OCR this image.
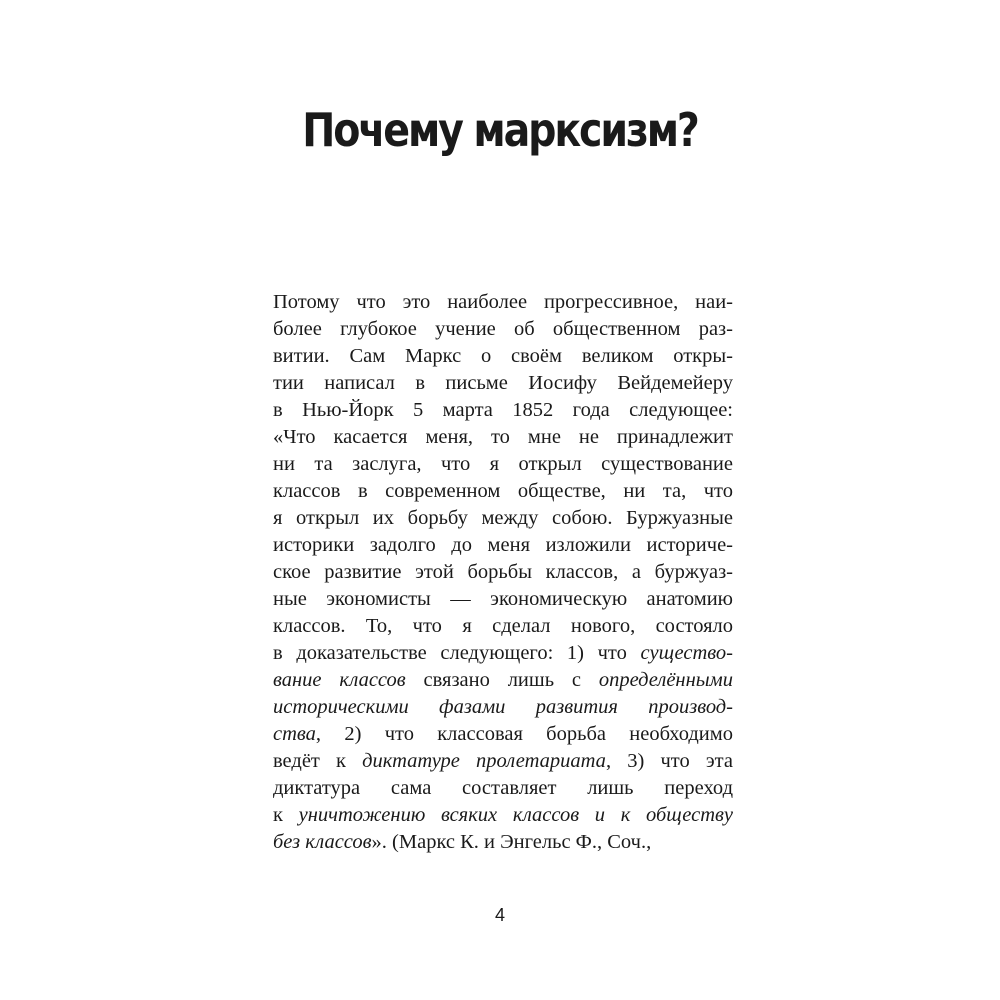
Почему марксизм?
Потому что это наиболее прогрессивное, наи-
более глубокое учение об общественном раз-
витии. Сам Маркс о своём великом откры-
тии написал в письме Иосифу Вейдемейеру
в Нью-Йорк 5 марта 1852 года следующее:
«Что касается меня, то мне не принадлежит
ни та заслуга, что я открыл существование
классов в современном обществе, ни та, что
я открыл их борьбу между собою. Буржуазные
историки задолго до меня изложили историче-
ское развитие этой борьбы классов, а буржуаз-
ные экономисты — экономическую анатомию
классов. То, что я сделал нового, состояло
в доказательстве следующего: 1) что существо-
вание классов связано лишь с определёнными
историческими фазами развития производ-
ства, 2) что классовая борьба необходимо
ведёт к диктатуре пролетариата, 3) что эта
диктатура сама составляет лишь переход
к уничтожению всяких классов и к обществу
без классов». (Маркс К. и Энгельс Ф., Соч.,
4
